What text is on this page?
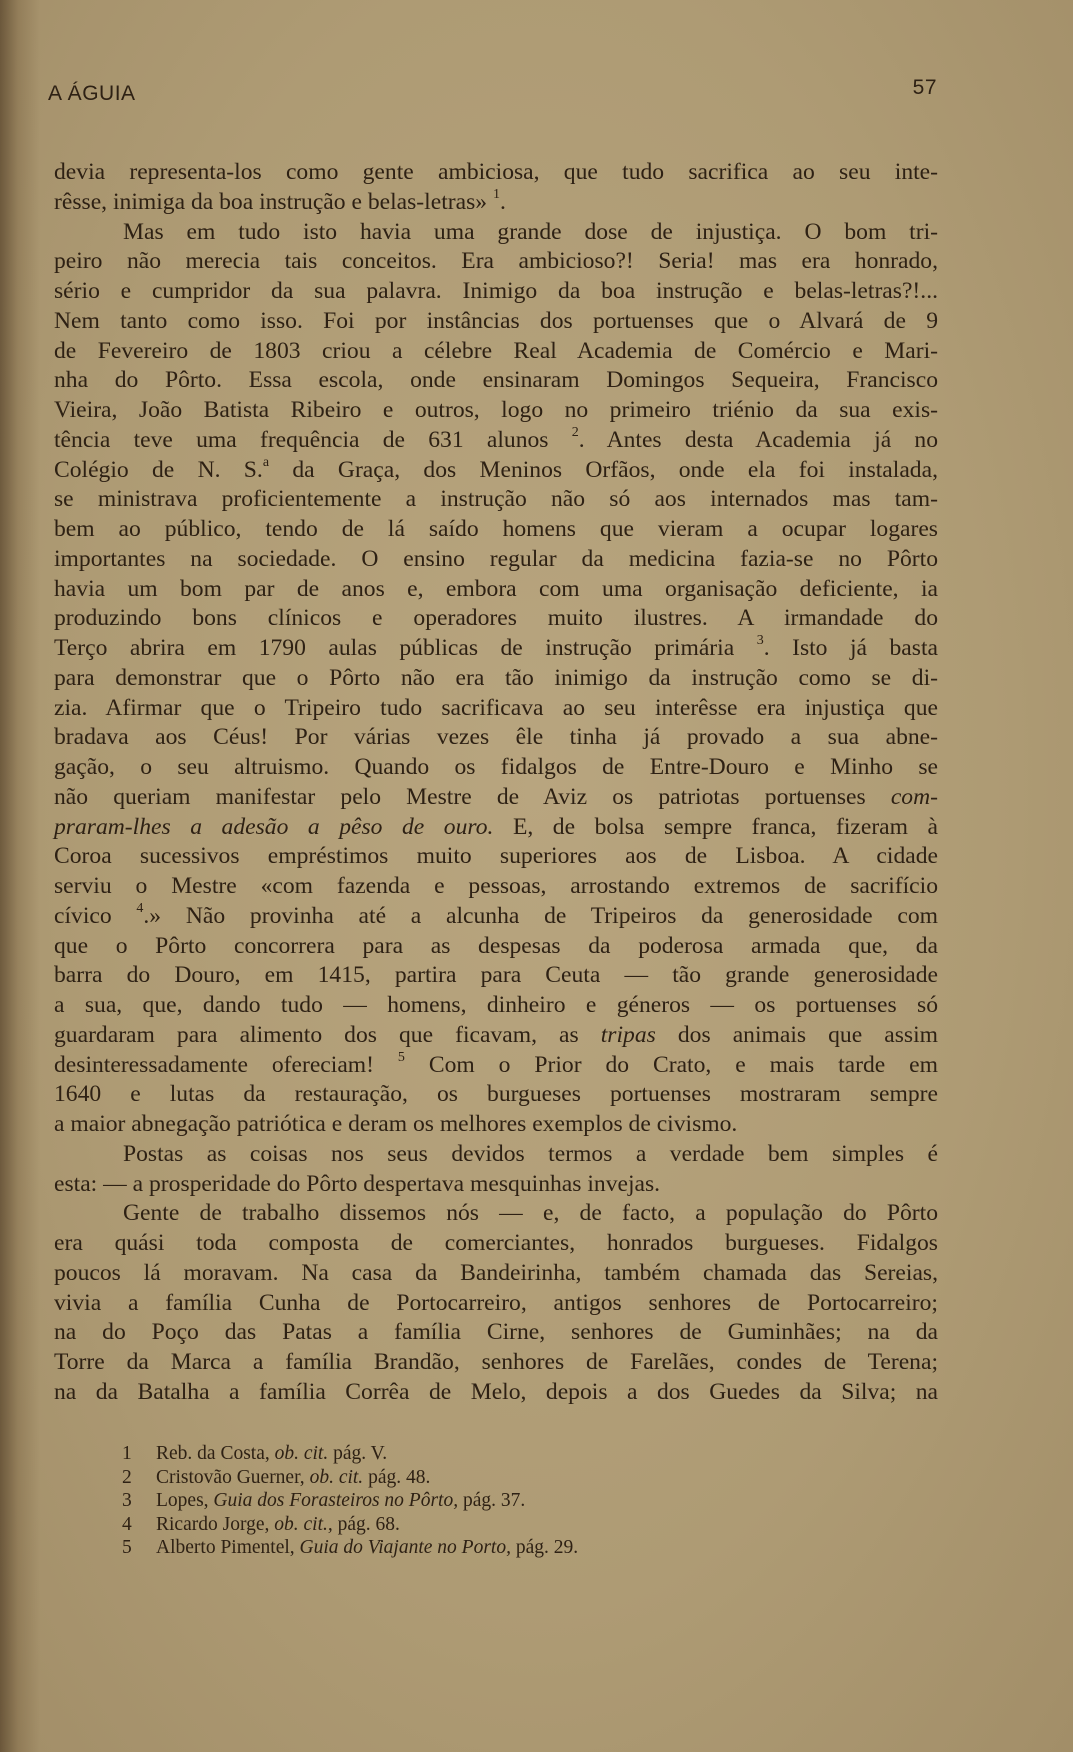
A ÁGUIA	57
devia representa-los como gente ambiciosa, que tudo sacrifica ao seu inte-
rêsse, inimiga da boa instrução e belas-letras» $^1$.
Mas em tudo isto havia uma grande dose de injustiça. O bom tri-
peiro não merecia tais conceitos. Era ambicioso?! Seria! mas era honrado,
sério e cumpridor da sua palavra. Inimigo da boa instrução e belas-letras?!...
Nem tanto como isso. Foi por instâncias dos portuenses que o Alvará de 9
de Fevereiro de 1803 criou a célebre Real Academia de Comércio e Mari-
nha do Pôrto. Essa escola, onde ensinaram Domingos Sequeira, Francisco
Vieira, João Batista Ribeiro e outros, logo no primeiro triénio da sua exis-
tência teve uma frequência de 631 alunos $^2$. Antes desta Academia já no
Colégio de N. S.$^a$ da Graça, dos Meninos Orfãos, onde ela foi instalada,
se ministrava proficientemente a instrução não só aos internados mas tam-
bem ao público, tendo de lá saído homens que vieram a ocupar logares
importantes na sociedade. O ensino regular da medicina fazia-se no Pôrto
havia um bom par de anos e, embora com uma organisação deficiente, ia
produzindo bons clínicos e operadores muito ilustres. A irmandade do
Terço abrira em 1790 aulas públicas de instrução primária $^3$. Isto já basta
para demonstrar que o Pôrto não era tão inimigo da instrução como se di-
zia. Afirmar que o Tripeiro tudo sacrificava ao seu interêsse era injustiça que
bradava aos Céus! Por várias vezes êle tinha já provado a sua abne-
gação, o seu altruismo. Quando os fidalgos de Entre-Douro e Minho se
não queriam manifestar pelo Mestre de Aviz os patriotas portuenses com-
praram-lhes a adesão a pêso de ouro. E, de bolsa sempre franca, fizeram à
Coroa sucessivos empréstimos muito superiores aos de Lisboa. A cidade
serviu o Mestre «com fazenda e pessoas, arrostando extremos de sacrifício
cívico $^4$.» Não provinha até a alcunha de Tripeiros da generosidade com
que o Pôrto concorrera para as despesas da poderosa armada que, da
barra do Douro, em 1415, partira para Ceuta — tão grande generosidade
a sua, que, dando tudo — homens, dinheiro e géneros — os portuenses só
guardaram para alimento dos que ficavam, as tripas dos animais que assim
desinteressadamente ofereciam! $^5$ Com o Prior do Crato, e mais tarde em
1640 e lutas da restauração, os burgueses portuenses mostraram sempre
a maior abnegação patriótica e deram os melhores exemplos de civismo.
Postas as coisas nos seus devidos termos a verdade bem simples é
esta: — a prosperidade do Pôrto despertava mesquinhas invejas.
Gente de trabalho dissemos nós — e, de facto, a população do Pôrto
era quási toda composta de comerciantes, honrados burgueses. Fidalgos
poucos lá moravam. Na casa da Bandeirinha, também chamada das Sereias,
vivia a família Cunha de Portocarreiro, antigos senhores de Portocarreiro;
na do Poço das Patas a família Cirne, senhores de Guminhães; na da
Torre da Marca a família Brandão, senhores de Farelães, condes de Terena;
na da Batalha a família Corrêa de Melo, depois a dos Guedes da Silva; na
1 Reb. da Costa, ob. cit. pág. V.
2 Cristovão Guerner, ob. cit. pág. 48.
3 Lopes, Guia dos Forasteiros no Pôrto, pág. 37.
4 Ricardo Jorge, ob. cit., pág. 68.
5 Alberto Pimentel, Guia do Viajante no Porto, pág. 29.
